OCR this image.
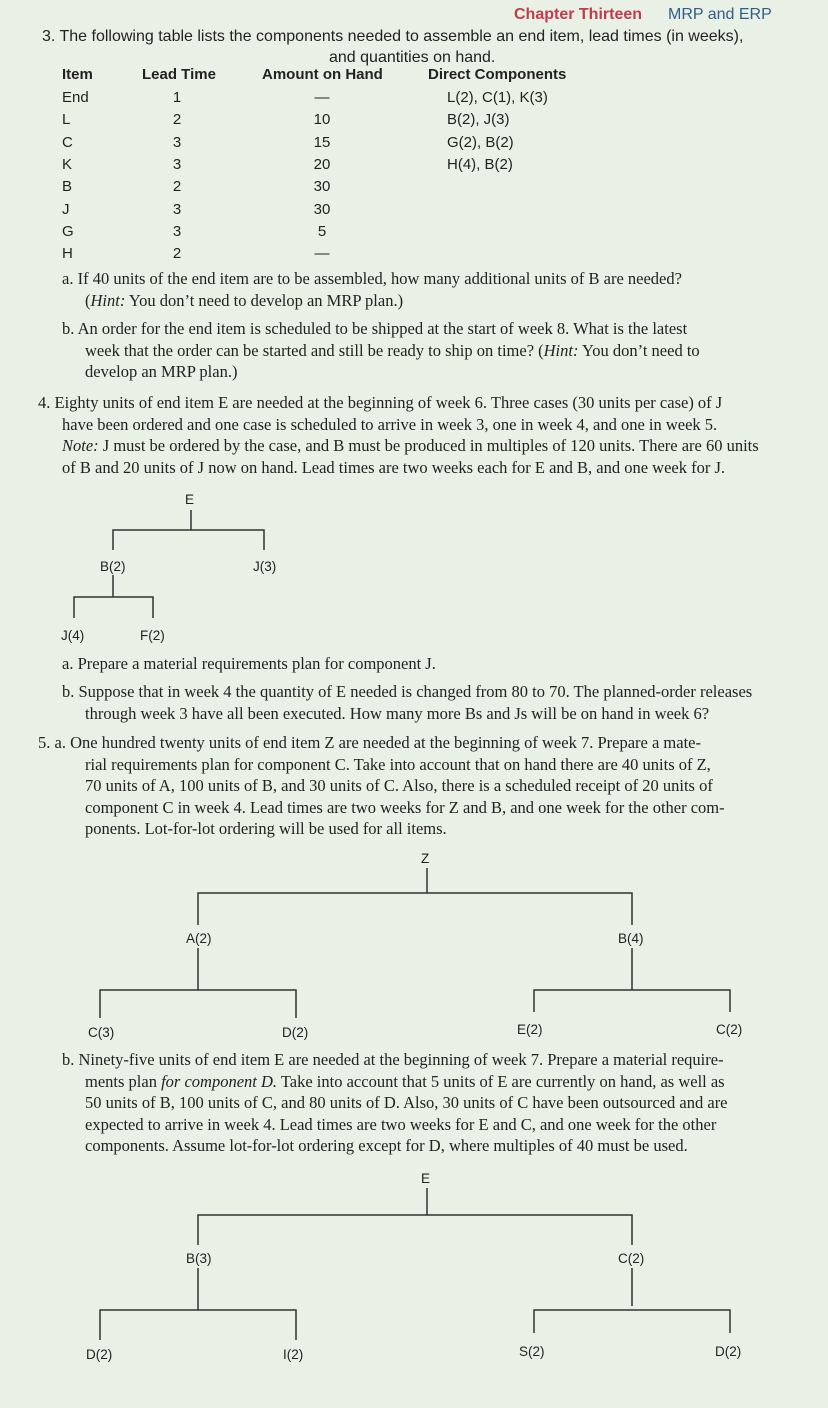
Chapter Thirteen MRP and ERP
3. The following table lists the components needed to assemble an end item, lead times (in weeks),
and quantities on hand.
Item	Lead Time	Amount on Hand	Direct Components
End	1	—	L(2), C(1), K(3)
L	2	10	B(2), J(3)
C	3	15	G(2), B(2)
K	3	20	H(4), B(2)
B	2	30
J	3	30
G	3	5
H	2	—

a. If 40 units of the end item are to be assembled, how many additional units of B are needed?

(Hint: You don’t need to develop an MRP plan.)

b. An order for the end item is scheduled to be shipped at the start of week 8. What is the latest

week that the order can be started and still be ready to ship on time? (Hint: You don’t need to

develop an MRP plan.)

4. Eighty units of end item E are needed at the beginning of week 6. Three cases (30 units per case) of J

have been ordered and one case is scheduled to arrive in week 3, one in week 4, and one in week 5.

Note: J must be ordered by the case, and B must be produced in multiples of 120 units. There are 60 units

of B and 20 units of J now on hand. Lead times are two weeks each for E and B, and one week for J.

E
B(2)	J(3)
J(4)	F(2)

a. Prepare a material requirements plan for component J.

b. Suppose that in week 4 the quantity of E needed is changed from 80 to 70. The planned-order releases

through week 3 have all been executed. How many more Bs and Js will be on hand in week 6?

5. a. One hundred twenty units of end item Z are needed at the beginning of week 7. Prepare a mate-

rial requirements plan for component C. Take into account that on hand there are 40 units of Z,

70 units of A, 100 units of B, and 30 units of C. Also, there is a scheduled receipt of 20 units of

component C in week 4. Lead times are two weeks for Z and B, and one week for the other com-

ponents. Lot-for-lot ordering will be used for all items.

Z
A(2)	B(4)
C(3)	D(2)	E(2)	C(2)

b. Ninety-five units of end item E are needed at the beginning of week 7. Prepare a material require-

ments plan for component D. Take into account that 5 units of E are currently on hand, as well as

50 units of B, 100 units of C, and 80 units of D. Also, 30 units of C have been outsourced and are

expected to arrive in week 4. Lead times are two weeks for E and C, and one week for the other

components. Assume lot-for-lot ordering except for D, where multiples of 40 must be used.

E
B(3)	C(2)
D(2)	I(2)	S(2)	D(2)
